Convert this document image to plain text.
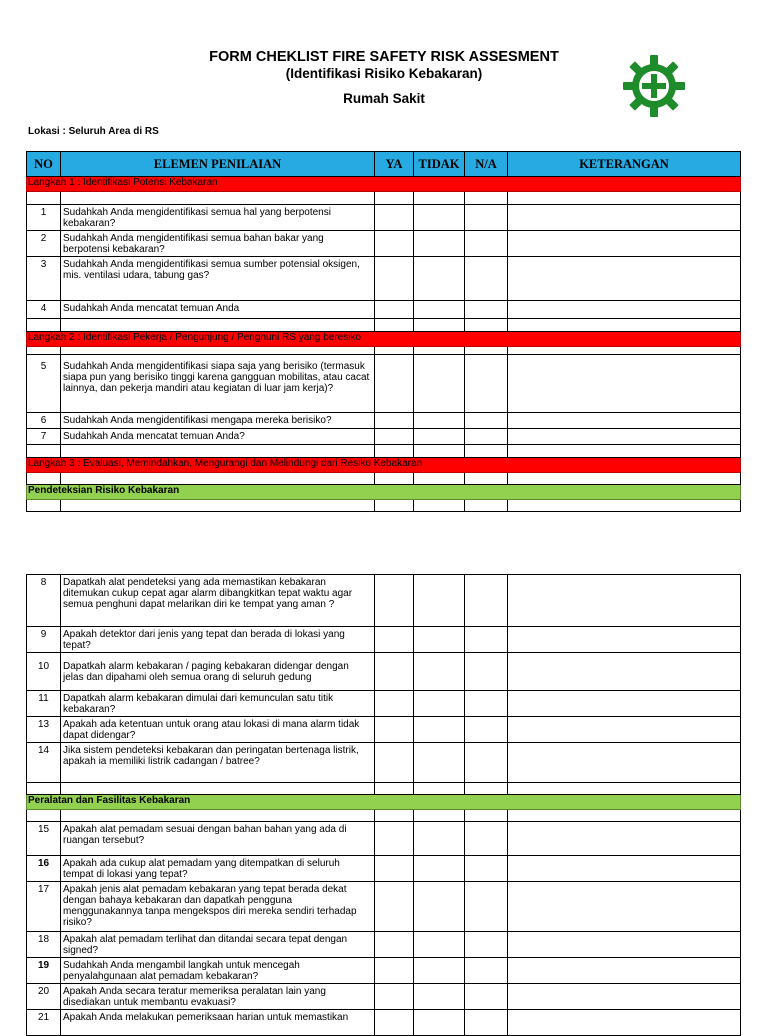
FORM CHEKLIST FIRE SAFETY RISK ASSESMENT
(Identifikasi Risiko Kebakaran)
Rumah Sakit
Lokasi : Seluruh Area di RS
NO	ELEMEN PENILAIAN	YA	TIDAK	N/A	KETERANGAN
Langkah 1 : Identifikasi Potensi Kebakaran					

1	Sudahkah Anda mengidentifikasi semua hal yang berpotensi kebakaran?				
2	Sudahkah Anda mengidentifikasi semua bahan bakar yang berpotensi kebakaran?				
3	Sudahkah Anda mengidentifikasi semua sumber potensial oksigen, mis. ventilasi udara, tabung gas?				
4	Sudahkah Anda mencatat temuan Anda				

Langkah 2 : Identifikasi Pekerja / Pengunjung / Penghuni RS yang beresiko					

5	Sudahkah Anda mengidentifikasi siapa saja yang berisiko (termasuk siapa pun yang berisiko tinggi karena gangguan mobilitas, atau cacat lainnya, dan pekerja mandiri atau kegiatan di luar jam kerja)?				
6	Sudahkah Anda mengidentifikasi mengapa mereka berisiko?				
7	Sudahkah Anda mencatat temuan Anda?				

Langkah 3 : Evaluasi, Memindahkan, Mengurangi dan Melindungi dari Resiko Kebakaran					

Pendeteksian Risiko Kebakaran					

8	Dapatkah alat pendeteksi yang ada memastikan kebakaran ditemukan cukup cepat agar alarm dibangkitkan tepat waktu agar semua penghuni dapat melarikan diri ke tempat yang aman ?				
9	Apakah detektor dari jenis yang tepat dan berada di lokasi yang tepat?				
10	Dapatkah alarm kebakaran / paging kebakaran didengar dengan jelas dan dipahami oleh semua orang di seluruh gedung				
11	Dapatkah alarm kebakaran dimulai dari kemunculan satu titik kebakaran?				
13	Apakah ada ketentuan untuk orang atau lokasi di mana alarm tidak dapat didengar?				
14	Jika sistem pendeteksi kebakaran dan peringatan bertenaga listrik, apakah ia memiliki listrik cadangan / batree?				

Peralatan dan Fasilitas Kebakaran					

15	Apakah alat pemadam sesuai dengan bahan bahan yang ada di ruangan tersebut?				
16	Apakah ada cukup alat pemadam yang ditempatkan di seluruh tempat di lokasi yang tepat?				
17	Apakah jenis alat pemadam kebakaran yang tepat berada dekat dengan bahaya kebakaran dan dapatkah pengguna menggunakannya tanpa mengekspos diri mereka sendiri terhadap risiko?				
18	Apakah alat pemadam terlihat dan ditandai secara tepat dengan signed?				
19	Sudahkah Anda mengambil langkah untuk mencegah penyalahgunaan alat pemadam kebakaran?				
20	Apakah Anda secara teratur memeriksa peralatan lain yang disediakan untuk membantu evakuasi?				
21	Apakah Anda melakukan pemeriksaan harian untuk memastikan				
